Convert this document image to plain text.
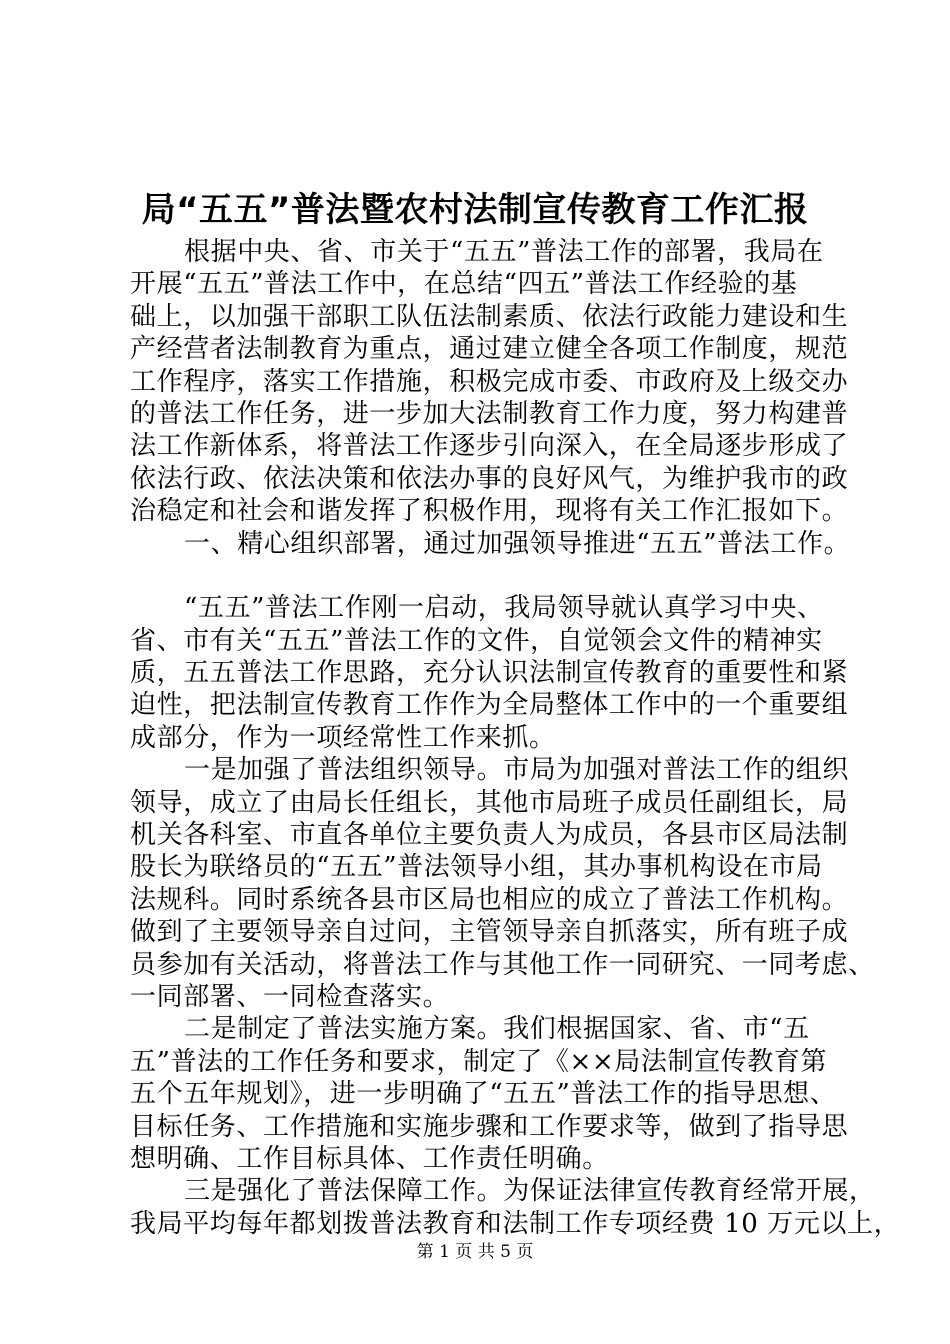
局“五五”普法暨农村法制宣传教育工作汇报
根据中央、省、市关于“五五”普法工作的部署，我局在
开展“五五”普法工作中，在总结“四五”普法工作经验的基
础上，以加强干部职工队伍法制素质、依法行政能力建设和生
产经营者法制教育为重点，通过建立健全各项工作制度，规范
工作程序，落实工作措施，积极完成市委、市政府及上级交办
的普法工作任务，进一步加大法制教育工作力度，努力构建普
法工作新体系，将普法工作逐步引向深入，在全局逐步形成了
依法行政、依法决策和依法办事的良好风气，为维护我市的政
治稳定和社会和谐发挥了积极作用，现将有关工作汇报如下。
一、精心组织部署，通过加强领导推进“五五”普法工作。
“五五”普法工作刚一启动，我局领导就认真学习中央、
省、市有关“五五”普法工作的文件，自觉领会文件的精神实
质，五五普法工作思路，充分认识法制宣传教育的重要性和紧
迫性，把法制宣传教育工作作为全局整体工作中的一个重要组
成部分，作为一项经常性工作来抓。
一是加强了普法组织领导。市局为加强对普法工作的组织
领导，成立了由局长任组长，其他市局班子成员任副组长，局
机关各科室、市直各单位主要负责人为成员，各县市区局法制
股长为联络员的“五五”普法领导小组，其办事机构设在市局
法规科。同时系统各县市区局也相应的成立了普法工作机构。
做到了主要领导亲自过问，主管领导亲自抓落实，所有班子成
员参加有关活动，将普法工作与其他工作一同研究、一同考虑、
一同部署、一同检查落实。
二是制定了普法实施方案。我们根据国家、省、市“五
五”普法的工作任务和要求，制定了《××局法制宣传教育第
五个五年规划》，进一步明确了“五五”普法工作的指导思想、
目标任务、工作措施和实施步骤和工作要求等，做到了指导思
想明确、工作目标具体、工作责任明确。
三是强化了普法保障工作。为保证法律宣传教育经常开展，
我局平均每年都划拨普法教育和法制工作专项经费 10 万元以上，
第 1 页 共 5 页
